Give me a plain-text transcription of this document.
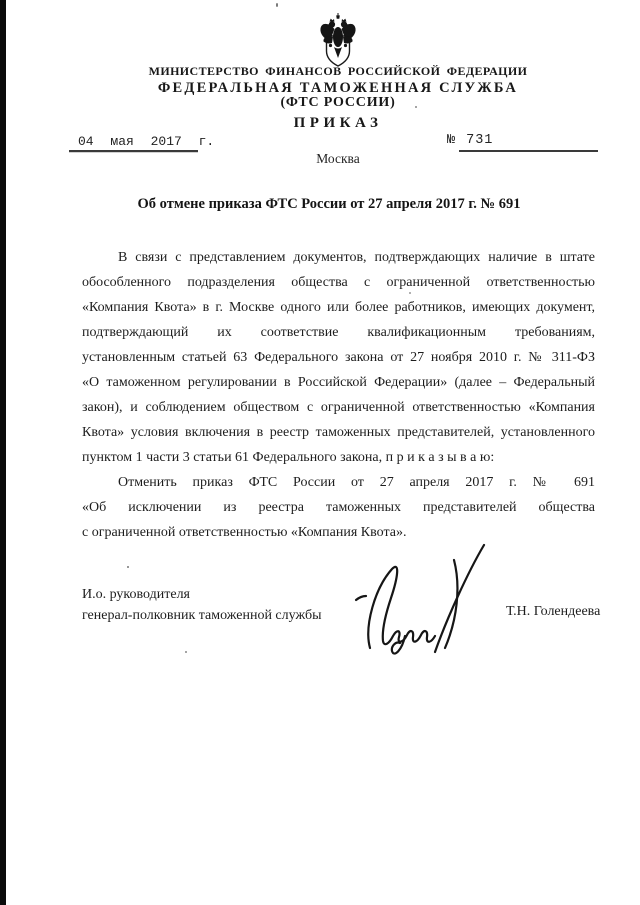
МИНИСТЕРСТВО ФИНАНСОВ РОССИЙСКОЙ ФЕДЕРАЦИИ
ФЕДЕРАЛЬНАЯ ТАМОЖЕННАЯ СЛУЖБА
(ФТС РОССИИ)
ПРИКАЗ
04 мая 2017 г.	№ 731
Москва
Об отмене приказа ФТС России от 27 апреля 2017 г. № 691
В связи с представлением документов, подтверждающих наличие в штате
обособленного подразделения общества с ограниченной ответственностью
«Компания Квота» в г. Москве одного или более работников, имеющих документ,
подтверждающий их соответствие квалификационным требованиям,
установленным статьей 63 Федерального закона от 27 ноября 2010 г. № 311-ФЗ
«О таможенном регулировании в Российской Федерации» (далее – Федеральный
закон), и соблюдением обществом с ограниченной ответственностью «Компания
Квота» условия включения в реестр таможенных представителей, установленного
пунктом 1 части 3 статьи 61 Федерального закона, п р и к а з ы в а ю:
Отменить приказ ФТС России от 27 апреля 2017 г. № 691
«Об исключении из реестра таможенных представителей общества
с ограниченной ответственностью «Компания Квота».
И.о. руководителя
генерал-полковник таможенной службы	Т.Н. Голендеева
